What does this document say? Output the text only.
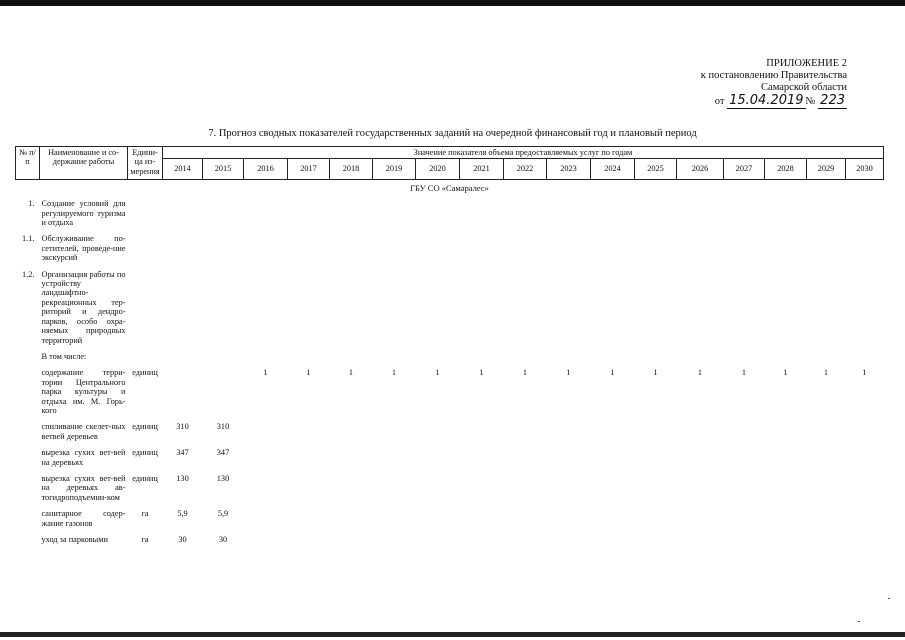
ПРИЛОЖЕНИЕ 2
к постановлению Правительства
Самарской области
от 15.04.2019 № 223
7. Прогноз сводных показателей государственных заданий на очередной финансовый год и плановый период
№ п/п	Наименование и со-держание работы	Едини-ца из-мерения	Значение показателя объема предоставляемых услуг по годам																
			2014	2015	2016	2017	2018	2019	2020	2021	2022	2023	2024	2025	2026	2027	2028	2029	2030
ГБУ СО «Самаралес»																			
1.	Создание условий для регулируемого туризма и отдыха																		
1.1.	Обслуживание по-сетителей, проведе-ние экскурсий																		
1.2.	Организация работы по устройству ландшафтно-рекреационных тер-риторий и дендро-парков, особо охра-няемых природных территорий																		
	В том числе:																		
	содержание терри-тории Центрального парка культуры и отдыха им. М. Горь-кого	единиц			1	1	1	1	1	1	1	1	1	1	1	1	1	1	1
	спиливание скелет-ных ветвей деревьев	единиц	310	310															
	вырезка сухих вет-вей на деревьях	единиц	347	347															
	вырезка сухих вет-вей на деревьях ав-тогидроподъемни-ком	единиц	130	130															
	санитарное содер-жание газонов	га	5,9	5,9															
	уход за парковыми	га	30	30															
